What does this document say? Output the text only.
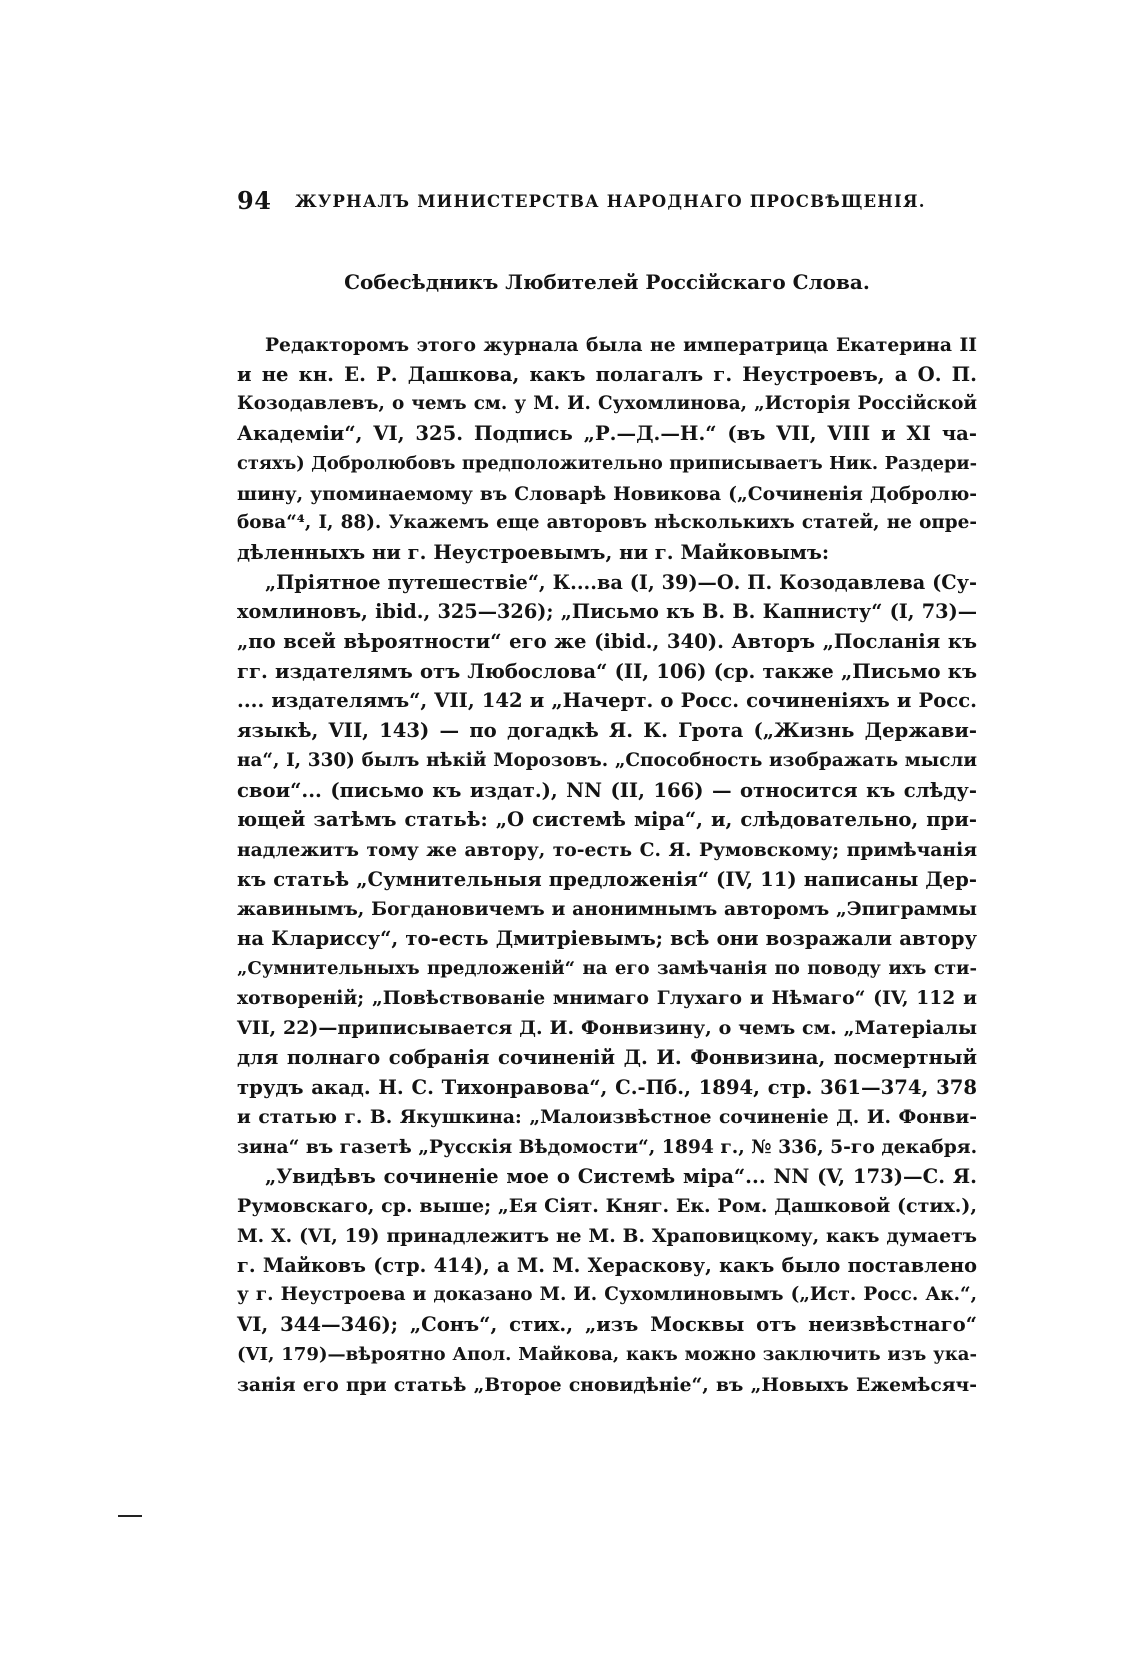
94 ЖУРНАЛЪ МИНИСТЕРСТВА НАРОДНАГО ПРОСВѢЩЕНІЯ.
Собесѣдникъ Любителей Россійскаго Слова.
Редакторомъ этого журнала была не императрица Екатерина II
и не кн. Е. Р. Дашкова, какъ полагалъ г. Неустроевъ, а О. П.
Козодавлевъ, о чемъ см. у М. И. Сухомлинова, „Исторія Россійской
Академіи“, VI, 325. Подпись „Р.—Д.—Н.“ (въ VII, VIII и XI ча-
стяхъ) Добролюбовъ предположительно приписываетъ Ник. Раздери-
шину, упоминаемому въ Словарѣ Новикова („Сочиненія Добролю-
бова“⁴, I, 88). Укажемъ еще авторовъ нѣсколькихъ статей, не опре-
дѣленныхъ ни г. Неустроевымъ, ни г. Майковымъ:
„Пріятное путешествіе“, К....ва (I, 39)—О. П. Козодавлева (Су-
хомлиновъ, ibid., 325—326); „Письмо къ В. В. Капнисту“ (I, 73)—
„по всей вѣроятности“ его же (ibid., 340). Авторъ „Посланія къ
гг. издателямъ отъ Любослова“ (II, 106) (ср. также „Письмо къ
.... издателямъ“, VII, 142 и „Начерт. о Росс. сочиненіяхъ и Росс.
языкѣ, VII, 143) — по догадкѣ Я. К. Грота („Жизнь Держави-
на“, I, 330) былъ нѣкій Морозовъ. „Способность изображать мысли
свои“... (письмо къ издат.), NN (II, 166) — относится къ слѣду-
ющей затѣмъ статьѣ: „О системѣ міра“, и, слѣдовательно, при-
надлежитъ тому же автору, то-есть С. Я. Румовскому; примѣчанія
къ статьѣ „Сумнительныя предложенія“ (IV, 11) написаны Дер-
жавинымъ, Богдановичемъ и анонимнымъ авторомъ „Эпиграммы
на Клариссу“, то-есть Дмитріевымъ; всѣ они возражали автору
„Сумнительныхъ предложеній“ на его замѣчанія по поводу ихъ сти-
хотвореній; „Повѣствованіе мнимаго Глухаго и Нѣмаго“ (IV, 112 и
VII, 22)—приписывается Д. И. Фонвизину, о чемъ см. „Матеріалы
для полнаго собранія сочиненій Д. И. Фонвизина, посмертный
трудъ акад. Н. С. Тихонравова“, С.-Пб., 1894, стр. 361—374, 378
и статью г. В. Якушкина: „Малоизвѣстное сочиненіе Д. И. Фонви-
зина“ въ газетѣ „Русскія Вѣдомости“, 1894 г., № 336, 5-го декабря.
„Увидѣвъ сочиненіе мое о Системѣ міра“... NN (V, 173)—С. Я.
Румовскаго, ср. выше; „Ея Сіят. Княг. Ек. Ром. Дашковой (стих.),
М. Х. (VI, 19) принадлежитъ не М. В. Храповицкому, какъ думаетъ
г. Майковъ (стр. 414), а М. М. Хераскову, какъ было поставлено
у г. Неустроева и доказано М. И. Сухомлиновымъ („Ист. Росс. Ак.“,
VI, 344—346); „Сонъ“, стих., „изъ Москвы отъ неизвѣстнаго“
(VI, 179)—вѣроятно Апол. Майкова, какъ можно заключить изъ ука-
занія его при статьѣ „Второе сновидѣніе“, въ „Новыхъ Ежемѣсяч-
